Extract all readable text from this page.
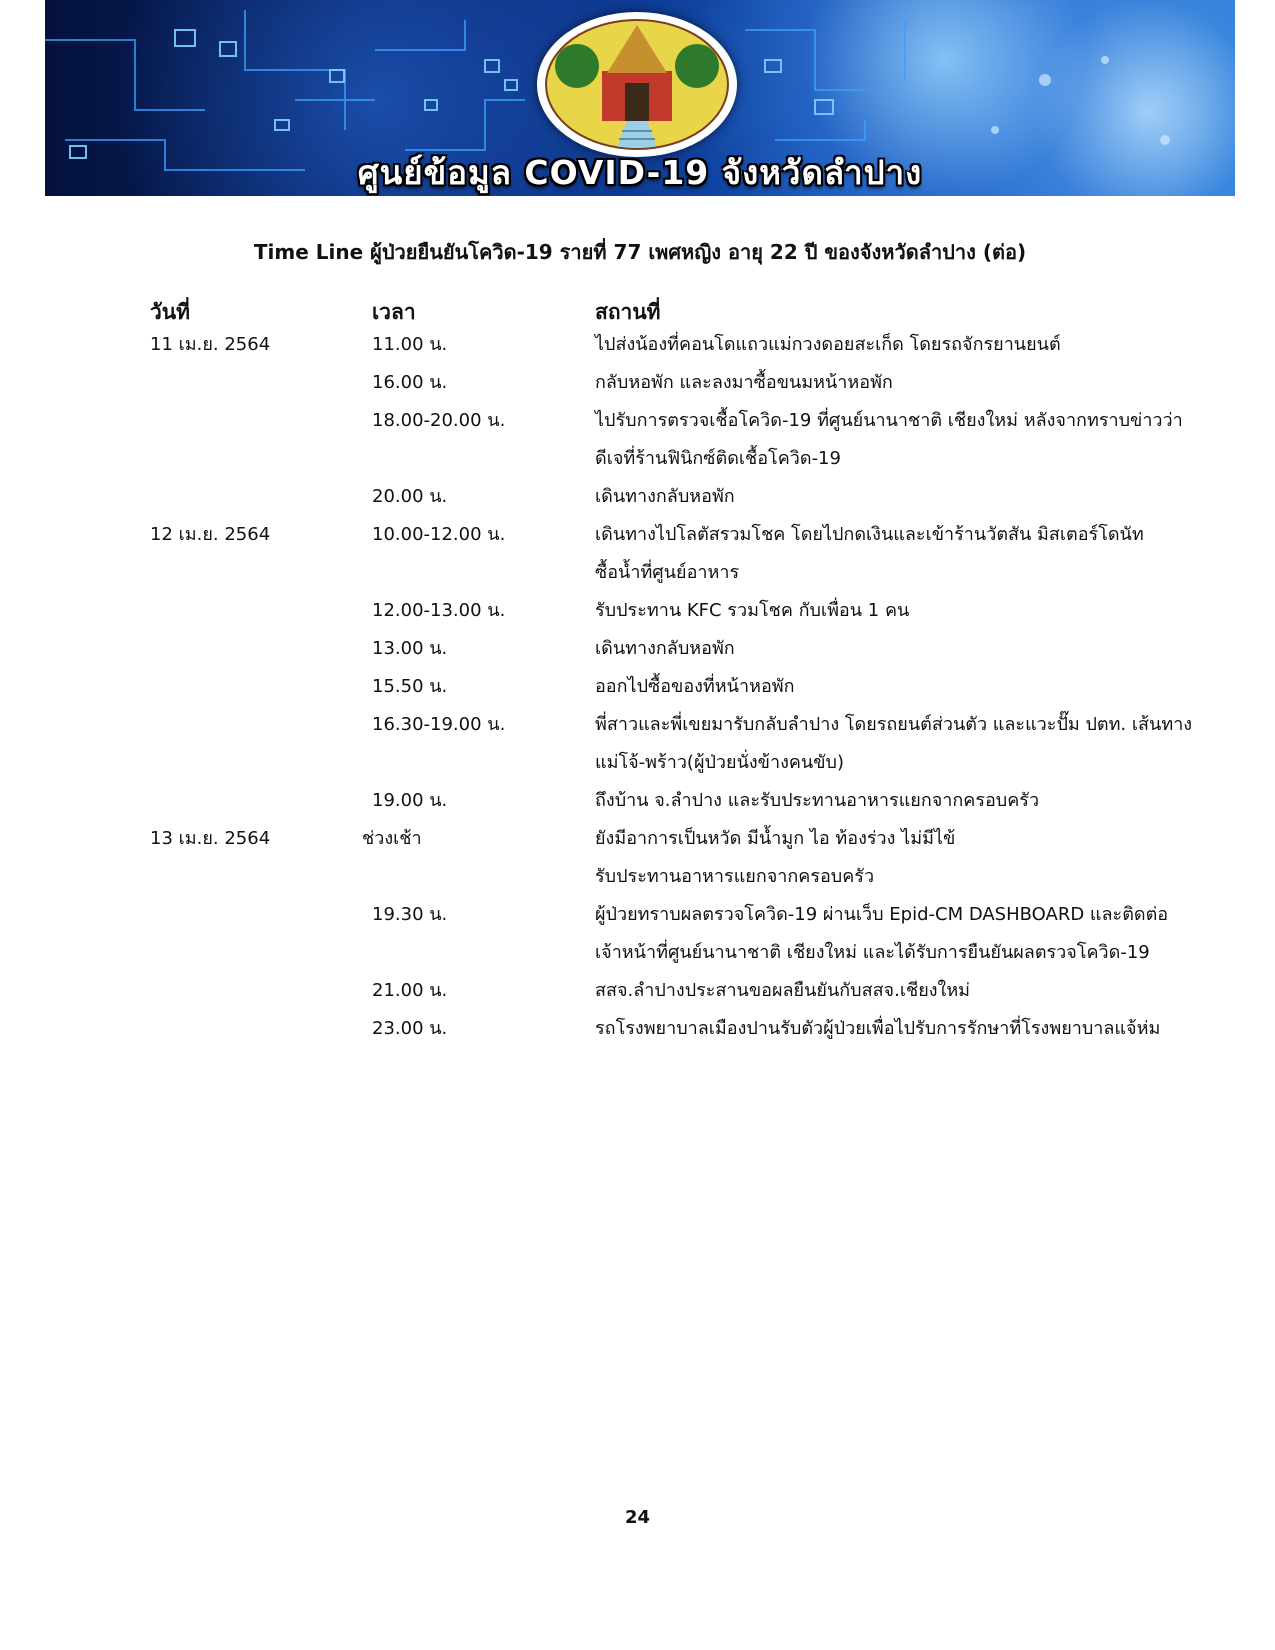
ศูนย์ข้อมูล COVID-19 จังหวัดลำปาง
Time Line ผู้ป่วยยืนยันโควิด-19 รายที่ 77 เพศหญิง อายุ 22 ปี ของจังหวัดลำปาง (ต่อ)
วันที่	เวลา	สถานที่
11 เม.ย. 2564	11.00 น.	ไปส่งน้องที่คอนโดแถวแม่กวงดอยสะเก็ด โดยรถจักรยานยนต์
16.00 น.	กลับหอพัก และลงมาซื้อขนมหน้าหอพัก
18.00-20.00 น.	ไปรับการตรวจเชื้อโควิด-19 ที่ศูนย์นานาชาติ เชียงใหม่ หลังจากทราบข่าวว่า
ดีเจที่ร้านฟินิกซ์ติดเชื้อโควิด-19
20.00 น.	เดินทางกลับหอพัก
12 เม.ย. 2564	10.00-12.00 น.	เดินทางไปโลตัสรวมโชค โดยไปกดเงินและเข้าร้านวัตสัน มิสเตอร์โดนัท
ซื้อน้ำที่ศูนย์อาหาร
12.00-13.00 น.	รับประทาน KFC รวมโชค กับเพื่อน 1 คน
13.00 น.	เดินทางกลับหอพัก
15.50 น.	ออกไปซื้อของที่หน้าหอพัก
16.30-19.00 น.	พี่สาวและพี่เขยมารับกลับลำปาง โดยรถยนต์ส่วนตัว และแวะปั๊ม ปตท. เส้นทาง
แม่โจ้-พร้าว(ผู้ป่วยนั่งข้างคนขับ)
19.00 น.	ถึงบ้าน จ.ลำปาง และรับประทานอาหารแยกจากครอบครัว
13 เม.ย. 2564	ช่วงเช้า	ยังมีอาการเป็นหวัด มีน้ำมูก ไอ ท้องร่วง ไม่มีไข้
รับประทานอาหารแยกจากครอบครัว
19.30 น.	ผู้ป่วยทราบผลตรวจโควิด-19 ผ่านเว็บ Epid-CM DASHBOARD และติดต่อ
เจ้าหน้าที่ศูนย์นานาชาติ เชียงใหม่ และได้รับการยืนยันผลตรวจโควิด-19
21.00 น.	สสจ.ลำปางประสานขอผลยืนยันกับสสจ.เชียงใหม่
23.00 น.	รถโรงพยาบาลเมืองปานรับตัวผู้ป่วยเพื่อไปรับการรักษาที่โรงพยาบาลแจ้ห่ม
24
